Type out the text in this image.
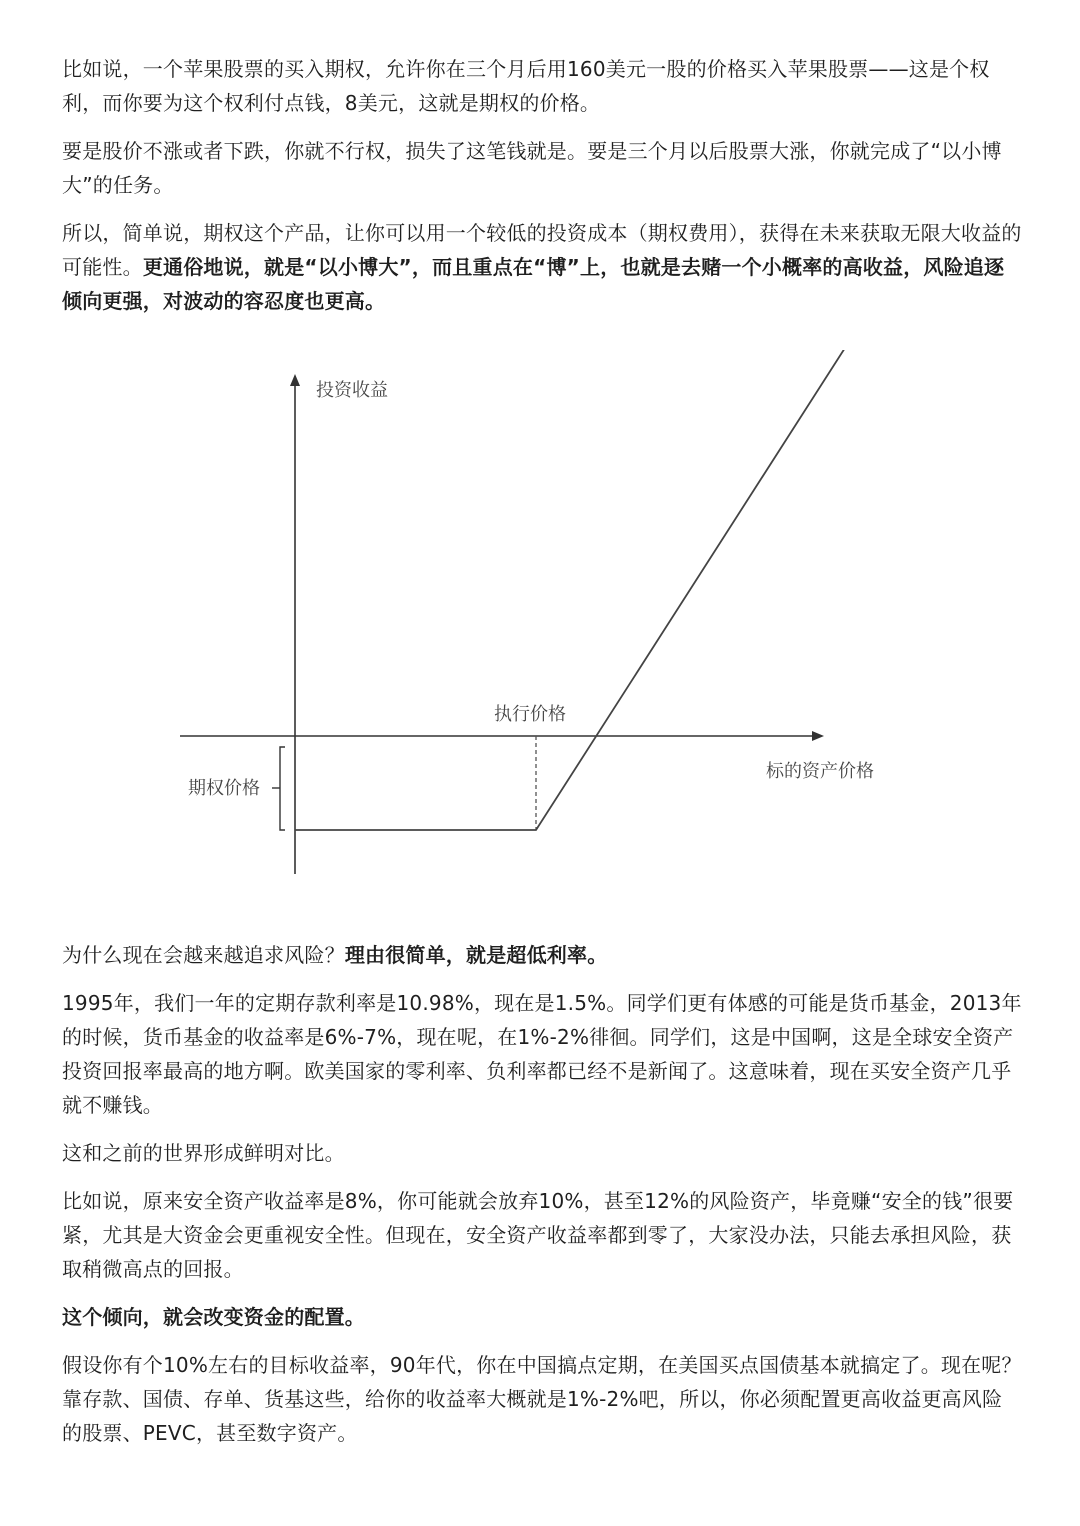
比如说，一个苹果股票的买入期权，允许你在三个月后用160美元一股的价格买入苹果股票——这是个权利，而你要为这个权利付点钱，8美元，这就是期权的价格。

要是股价不涨或者下跌，你就不行权，损失了这笔钱就是。要是三个月以后股票大涨，你就完成了“以小博大”的任务。

所以，简单说，期权这个产品，让你可以用一个较低的投资成本（期权费用），获得在未来获取无限大收益的可能性。更通俗地说，就是“以小博大”，而且重点在“博”上，也就是去赌一个小概率的高收益，风险追逐倾向更强，对波动的容忍度也更高。

投资收益
标的资产价格
执行价格
期权价格

为什么现在会越来越追求风险？理由很简单，就是超低利率。

1995年，我们一年的定期存款利率是10.98%，现在是1.5%。同学们更有体感的可能是货币基金，2013年的时候，货币基金的收益率是6%-7%，现在呢，在1%-2%徘徊。同学们，这是中国啊，这是全球安全资产投资回报率最高的地方啊。欧美国家的零利率、负利率都已经不是新闻了。这意味着，现在买安全资产几乎就不赚钱。

这和之前的世界形成鲜明对比。

比如说，原来安全资产收益率是8%，你可能就会放弃10%，甚至12%的风险资产，毕竟赚“安全的钱”很要紧，尤其是大资金会更重视安全性。但现在，安全资产收益率都到零了，大家没办法，只能去承担风险，获取稍微高点的回报。

这个倾向，就会改变资金的配置。

假设你有个10%左右的目标收益率，90年代，你在中国搞点定期，在美国买点国债基本就搞定了。现在呢？靠存款、国债、存单、货基这些，给你的收益率大概就是1%-2%吧，所以，你必须配置更高收益更高风险的股票、PEVC，甚至数字资产。
